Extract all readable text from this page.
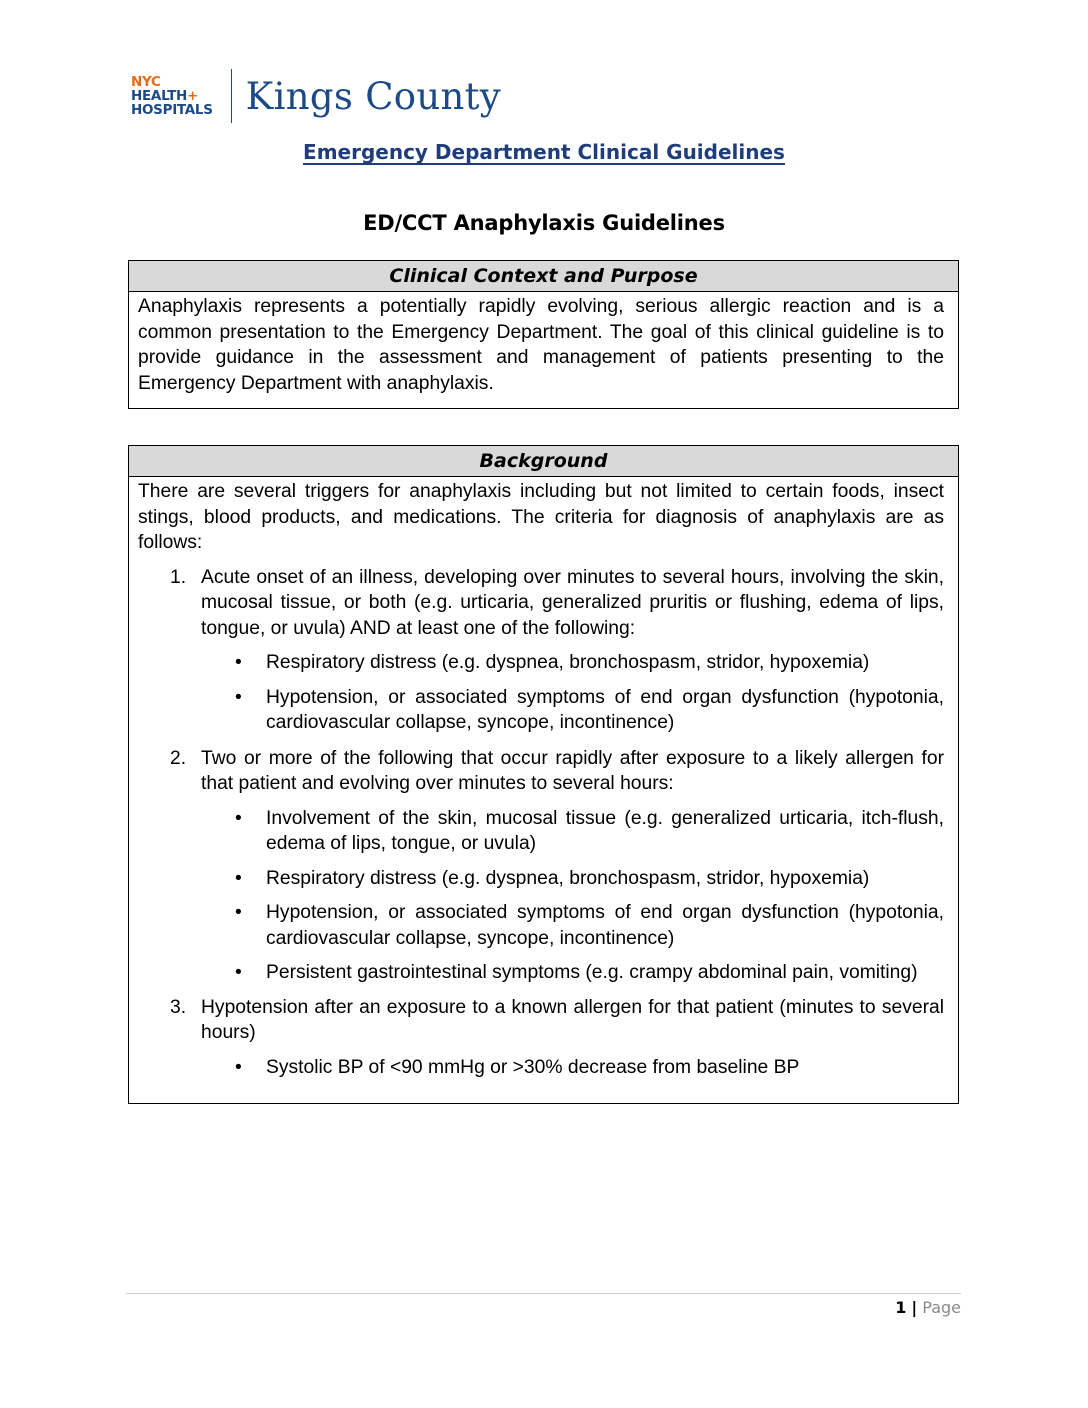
NYC
HEALTH+
HOSPITALS Kings County
Emergency Department Clinical Guidelines
ED/CCT Anaphylaxis Guidelines
Clinical Context and Purpose
Anaphylaxis represents a potentially rapidly evolving, serious allergic reaction and is a common presentation to the Emergency Department. The goal of this clinical guideline is to provide guidance in the assessment and management of patients presenting to the Emergency Department with anaphylaxis.
Background
There are several triggers for anaphylaxis including but not limited to certain foods, insect stings, blood products, and medications. The criteria for diagnosis of anaphylaxis are as follows:
1. Acute onset of an illness, developing over minutes to several hours, involving the skin, mucosal tissue, or both (e.g. urticaria, generalized pruritis or flushing, edema of lips, tongue, or uvula) AND at least one of the following:
• Respiratory distress (e.g. dyspnea, bronchospasm, stridor, hypoxemia)
• Hypotension, or associated symptoms of end organ dysfunction (hypotonia, cardiovascular collapse, syncope, incontinence)
2. Two or more of the following that occur rapidly after exposure to a likely allergen for that patient and evolving over minutes to several hours:
• Involvement of the skin, mucosal tissue (e.g. generalized urticaria, itch-flush, edema of lips, tongue, or uvula)
• Respiratory distress (e.g. dyspnea, bronchospasm, stridor, hypoxemia)
• Hypotension, or associated symptoms of end organ dysfunction (hypotonia, cardiovascular collapse, syncope, incontinence)
• Persistent gastrointestinal symptoms (e.g. crampy abdominal pain, vomiting)
3. Hypotension after an exposure to a known allergen for that patient (minutes to several hours)
• Systolic BP of <90 mmHg or >30% decrease from baseline BP
1 | Page
